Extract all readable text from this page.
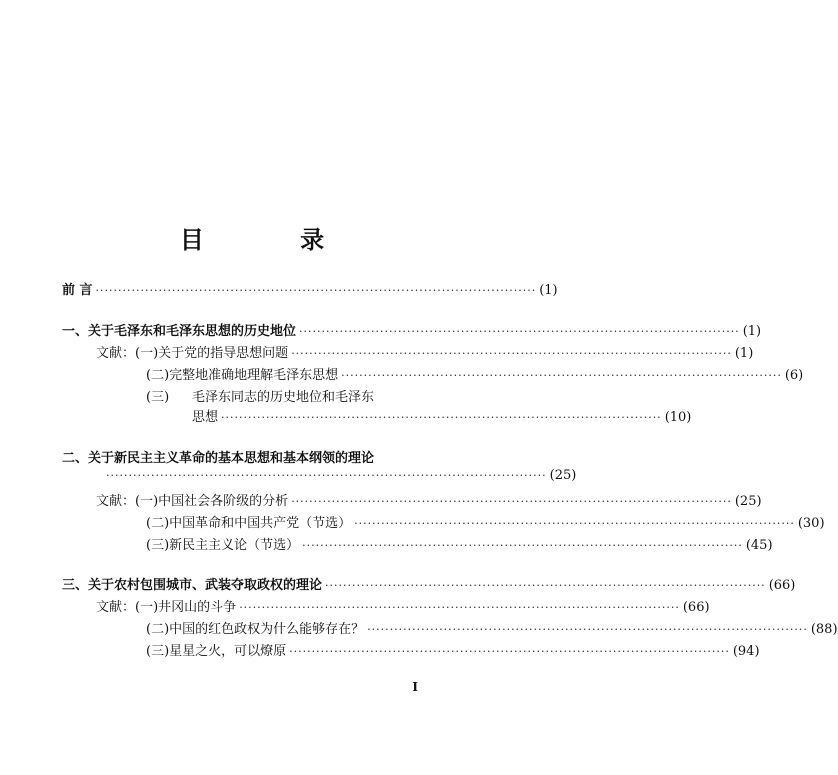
目 录
前 言 ·································································································· (1)
一、关于毛泽东和毛泽东思想的历史地位 ·································································································· (1)
文献： (一) 关于党的指导思想问题 ·································································································· (1)
(二) 完整地准确地理解毛泽东思想 ·································································································· (6)
(三)	毛泽东同志的历史地位和毛泽东
思想 ·································································································· (10)
二、关于新民主主义革命的基本思想和基本纲领的理论
·································································································· (25)
文献： (一) 中国社会各阶级的分析 ·································································································· (25)
(二) 中国革命和中国共产党（节选） ·································································································· (30)
(三) 新民主主义论（节选） ·································································································· (45)
三、关于农村包围城市、武装夺取政权的理论 ·································································································· (66)
文献： (一) 井冈山的斗争 ·································································································· (66)
(二) 中国的红色政权为什么能够存在？ ·································································································· (88)
(三) 星星之火，可以燎原 ·································································································· (94)
I
